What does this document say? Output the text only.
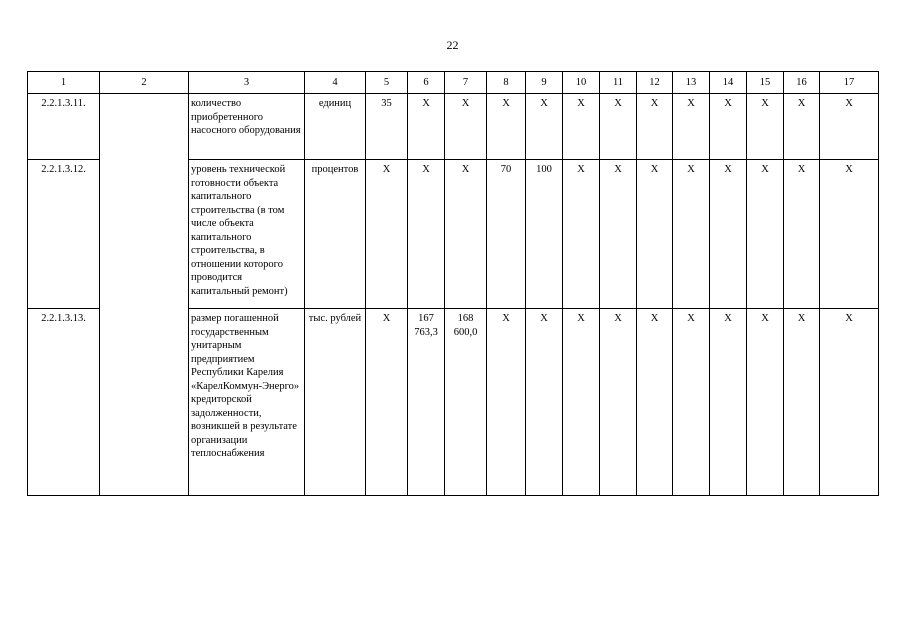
22
1	2	3	4	5	6	7	8	9	10	11	12	13	14	15	16	17
2.2.1.3.11.		количество приобретенного насосного оборудования	единиц	35	X	X	X	X	X	X	X	X	X	X	X	X
2.2.1.3.12.		уровень технической готовности объекта капитального строительства (в том числе объекта капитального строительства, в отношении которого проводится капитальный ремонт)	процентов	X	X	X	70	100	X	X	X	X	X	X	X	X
2.2.1.3.13.		размер погашенной государственным унитарным предприятием Республики Карелия «КарелКоммун-Энерго» кредиторской задолженности, возникшей в результате организации теплоснабжения	тыс. рублей	X	167 763,3	168 600,0	X	X	X	X	X	X	X	X	X	X
